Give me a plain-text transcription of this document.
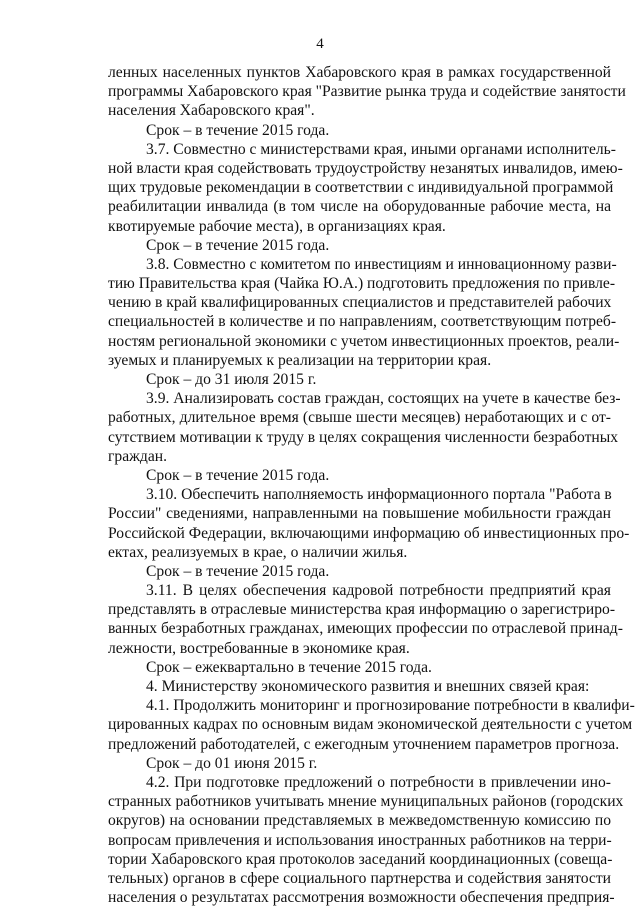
4
ленных населенных пунктов Хабаровского края в рамках государственной
программы Хабаровского края "Развитие рынка труда и содействие занятости
населения Хабаровского края".
Срок – в течение 2015 года.
3.7. Совместно с министерствами края, иными органами исполнитель-
ной власти края содействовать трудоустройству незанятых инвалидов, имею-
щих трудовые рекомендации в соответствии с индивидуальной программой
реабилитации инвалида (в том числе на оборудованные рабочие места, на
квотируемые рабочие места), в организациях края.
Срок – в течение 2015 года.
3.8. Совместно с комитетом по инвестициям и инновационному разви-
тию Правительства края (Чайка Ю.А.) подготовить предложения по привле-
чению в край квалифицированных специалистов и представителей рабочих
специальностей в количестве и по направлениям, соответствующим потреб-
ностям региональной экономики с учетом инвестиционных проектов, реали-
зуемых и планируемых к реализации на территории края.
Срок – до 31 июля 2015 г.
3.9. Анализировать состав граждан, состоящих на учете в качестве без-
работных, длительное время (свыше шести месяцев) неработающих и с от-
сутствием мотивации к труду в целях сокращения численности безработных
граждан.
Срок – в течение 2015 года.
3.10. Обеспечить наполняемость информационного портала "Работа в
России" сведениями, направленными на повышение мобильности граждан
Российской Федерации, включающими информацию об инвестиционных про-
ектах, реализуемых в крае, о наличии жилья.
Срок – в течение 2015 года.
3.11. В целях обеспечения кадровой потребности предприятий края
представлять в отраслевые министерства края информацию о зарегистриро-
ванных безработных гражданах, имеющих профессии по отраслевой принад-
лежности, востребованные в экономике края.
Срок – ежеквартально в течение 2015 года.
4. Министерству экономического развития и внешних связей края:
4.1. Продолжить мониторинг и прогнозирование потребности в квалифи-
цированных кадрах по основным видам экономической деятельности с учетом
предложений работодателей, с ежегодным уточнением параметров прогноза.
Срок – до 01 июня 2015 г.
4.2. При подготовке предложений о потребности в привлечении ино-
странных работников учитывать мнение муниципальных районов (городских
округов) на основании представляемых в межведомственную комиссию по
вопросам привлечения и использования иностранных работников на терри-
тории Хабаровского края протоколов заседаний координационных (совеща-
тельных) органов в сфере социального партнерства и содействия занятости
населения о результатах рассмотрения возможности обеспечения предприя-
